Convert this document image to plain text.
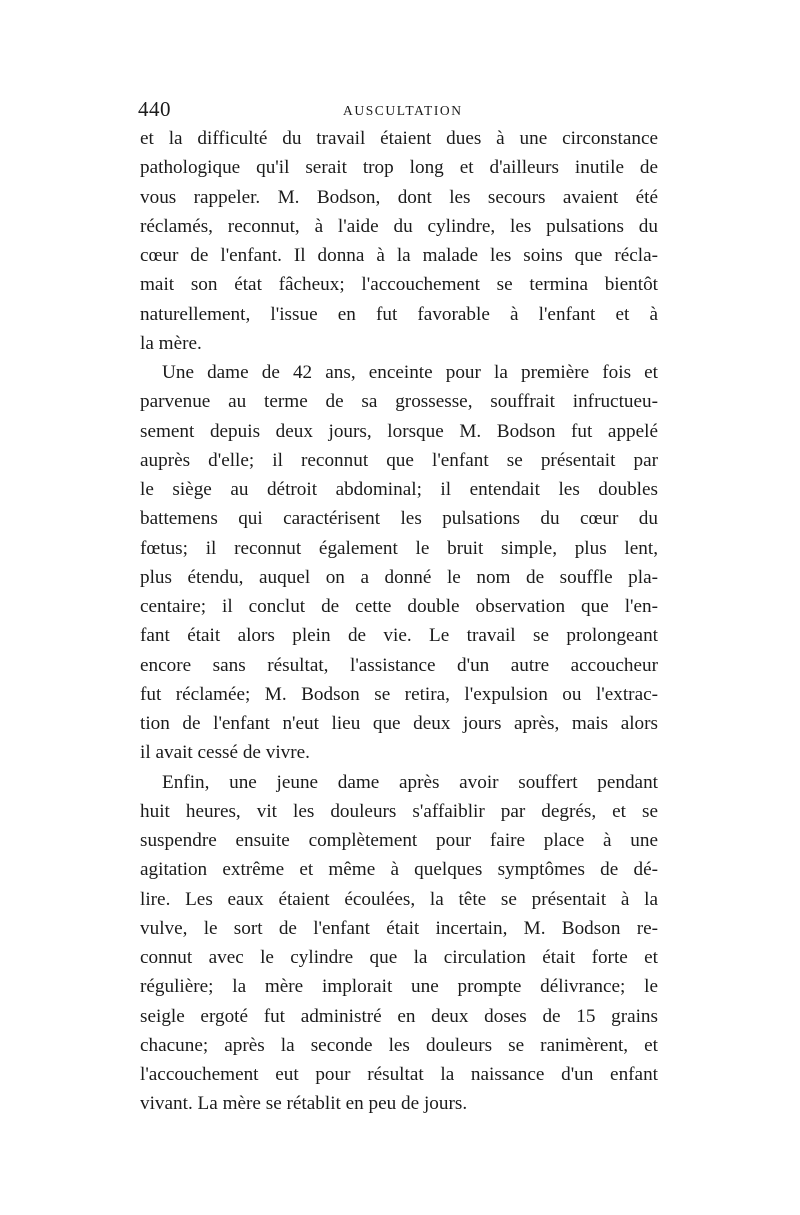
440	AUSCULTATION
et la difficulté du travail étaient dues à une circonstance
pathologique qu'il serait trop long et d'ailleurs inutile de
vous rappeler. M. Bodson, dont les secours avaient été
réclamés, reconnut, à l'aide du cylindre, les pulsations du
cœur de l'enfant. Il donna à la malade les soins que récla-
mait son état fâcheux; l'accouchement se termina bientôt
naturellement, l'issue en fut favorable à l'enfant et à
la mère.
Une dame de 42 ans, enceinte pour la première fois et
parvenue au terme de sa grossesse, souffrait infructueu-
sement depuis deux jours, lorsque M. Bodson fut appelé
auprès d'elle; il reconnut que l'enfant se présentait par
le siège au détroit abdominal; il entendait les doubles
battemens qui caractérisent les pulsations du cœur du
fœtus; il reconnut également le bruit simple, plus lent,
plus étendu, auquel on a donné le nom de souffle pla-
centaire; il conclut de cette double observation que l'en-
fant était alors plein de vie. Le travail se prolongeant
encore sans résultat, l'assistance d'un autre accoucheur
fut réclamée; M. Bodson se retira, l'expulsion ou l'extrac-
tion de l'enfant n'eut lieu que deux jours après, mais alors
il avait cessé de vivre.
Enfin, une jeune dame après avoir souffert pendant
huit heures, vit les douleurs s'affaiblir par degrés, et se
suspendre ensuite complètement pour faire place à une
agitation extrême et même à quelques symptômes de dé-
lire. Les eaux étaient écoulées, la tête se présentait à la
vulve, le sort de l'enfant était incertain, M. Bodson re-
connut avec le cylindre que la circulation était forte et
régulière; la mère implorait une prompte délivrance; le
seigle ergoté fut administré en deux doses de 15 grains
chacune; après la seconde les douleurs se ranimèrent, et
l'accouchement eut pour résultat la naissance d'un enfant
vivant. La mère se rétablit en peu de jours.
